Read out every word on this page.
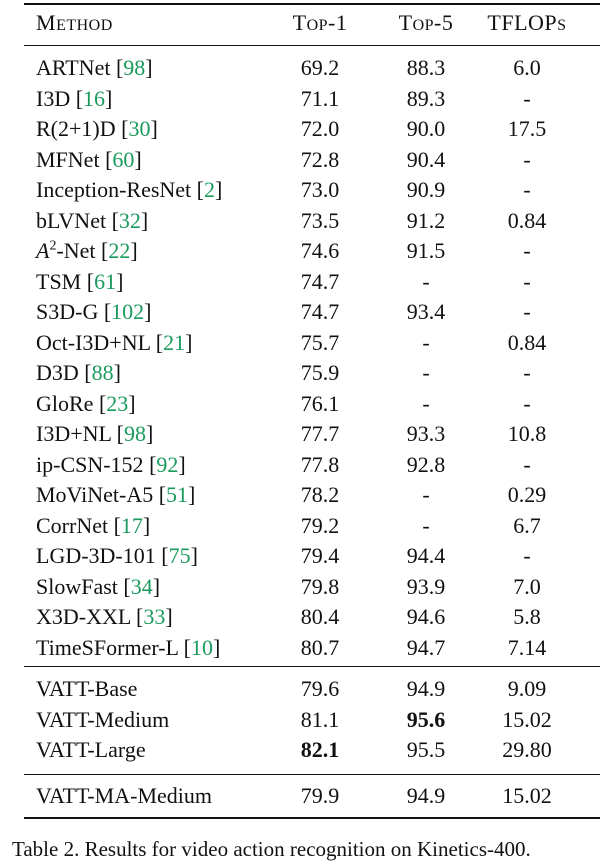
METHOD	TOP-1	TOP-5	TFLOPS
ARTNet [98]	69.2	88.3	6.0
I3D [16]	71.1	89.3	-
R(2+1)D [30]	72.0	90.0	17.5
MFNet [60]	72.8	90.4	-
Inception-ResNet [2]	73.0	90.9	-
bLVNet [32]	73.5	91.2	0.84
$A^2$-Net [22]	74.6	91.5	-
TSM [61]	74.7	-	-
S3D-G [102]	74.7	93.4	-
Oct-I3D+NL [21]	75.7	-	0.84
D3D [88]	75.9	-	-
GloRe [23]	76.1	-	-
I3D+NL [98]	77.7	93.3	10.8
ip-CSN-152 [92]	77.8	92.8	-
MoViNet-A5 [51]	78.2	-	0.29
CorrNet [17]	79.2	-	6.7
LGD-3D-101 [75]	79.4	94.4	-
SlowFast [34]	79.8	93.9	7.0
X3D-XXL [33]	80.4	94.6	5.8
TimeSFormer-L [10]	80.7	94.7	7.14
VATT-Base	79.6	94.9	9.09
VATT-Medium	81.1	95.6	15.02
VATT-Large	82.1	95.5	29.80
VATT-MA-Medium	79.9	94.9	15.02
Table 2. Results for video action recognition on Kinetics-400.
